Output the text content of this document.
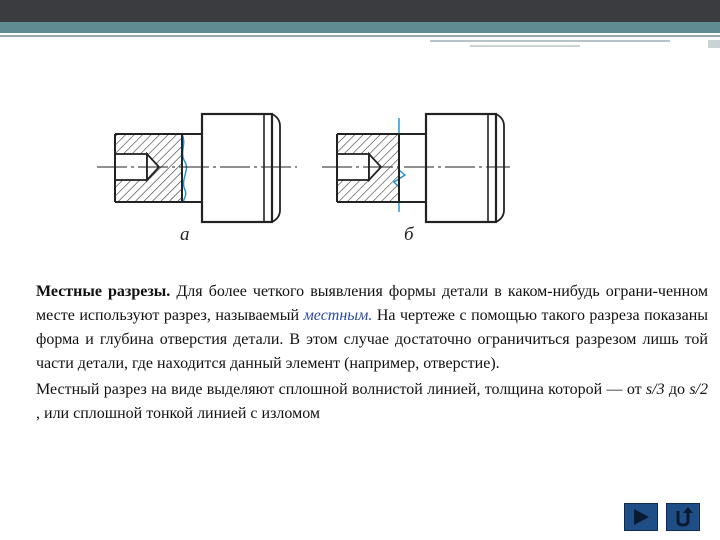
а	б

Местные разрезы. Для более четкого выявления формы детали в каком-нибудь ограни-ченном месте используют разрез, называемый местным. На чертеже с помощью такого разреза показаны форма и глубина отверстия детали. В этом случае достаточно ограничиться разрезом лишь той части детали, где находится данный элемент (например, отверстие).

Местный разрез на виде выделяют сплошной волнистой линией, толщина которой — от s/3 до s/2 , или сплошной тонкой линией с изломом
